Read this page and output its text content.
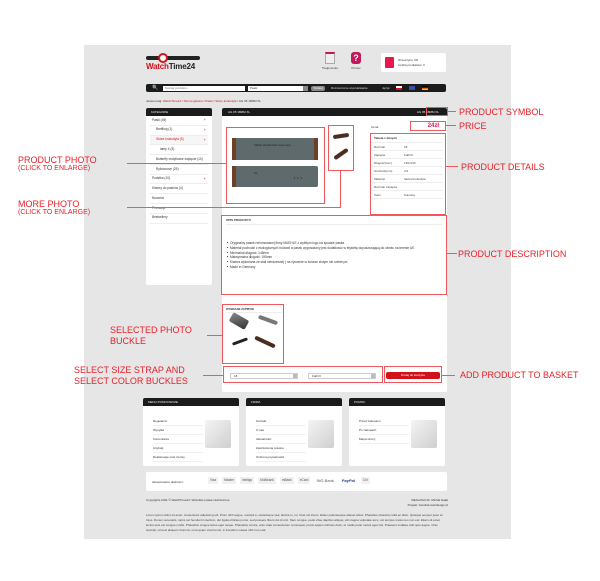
WatchTime24	Twoje konto
?
Pomoc
W koszyku: 0zł
Liczba produktów: 0
🔍
Nazwa produktu...	Paski	Szukaj	Rozszerzone wyszukiwanie	Język
Jesteś tutaj: WatchTime24 / Strona główna / Paski / Skóry krokodyla / AG 05 18MM XL
KATEGORIE
Paski (49)	+
Breitling (1)	+
Skóra krokodyla (5)	+
lamp 4 (3)
Butterfly motylkowe zapięcie (10)
Rybosnove (25)
Pudełka (10)	+
Klamry do pasków (4)
Nowości
Bestsellery
AG 05 18MM XL	AG 05 18MM XL
Mühle Handmade Germany
XL
•••
Cena:	24zł
Tabela z danymi
Rozmiar	18
Zapięcie	Faltl Fl
Długość(mm)	130x130
Grubość(mm)	3.5
Materiał	Skóra krokodyla
Rozmiar zapięcia
Kolor	brązowy
OPIS PRODUKTU
■ Oryginalny pasek renomowanej firmy MUEHLE z wybitym logo na spodzie paska
■ Materiał pochodzi z ekologicznych hodowli a pasek wyposażony jest dodatkowo w etykietę dopuszczającą do obrotu na terenie UE
■ Minimalna długość: 145mm
■ Maksymalna długość: 195mm
■ Klamra wykonana ze stali nierdzewnej ( na życzenie w kolorze złotym lub srebrnym
■ Made in Germany
WYBRANE ZAPIĘCIE
18	Faltl Fl	Dodaj do koszyka
MENU POMOCNICZE
Regulamin
Wysyłka
Komentarze
Artykuły
Reklamacje oraz zwroty
FIRMA
Kontakt
O nas
Aktualności
Zastrzeżenia prawne
Ochrona prywatności
POMOC
Przed zakupami
Po zakupach
Mapa strony
Akceptowane płatności:	Visa	Master	Inteligo	Multibank	mBank	eCard	ING Bank	PayPal	Citi
Copyrights 2011 © WatchTime24. Wszelkie prawa zastrzeżone.	REALIZACJA: Michał Gałat
Projekt: zwodnik-webdesign.pl
Lorem ipsum dolor sit amet, consectetur adipiscing elit. Proin nibh augue, suscipit a, scelerisque sed, lacinia in, mi. Cras vel lorem. Etiam pellentesque aliquet tellus. Phasellus pharetra nulla ac diam. Quisque semper justo at risus. Donec venenatis, turpis vel hendrerit interdum, dui ligula ultricies purus, sed posuere libero dui id orci. Nam congue, pede vitae dapibus aliquet, elit magna vulputate arcu, vel tempus metus leo non est. Etiam sit amet lectus quis est congue mollis. Phasellus congue lacus eget neque. Phasellus ornare, ante vitae consectetuer consequat, purus sapien ultricies dolor, et mollis pede metus eget nisi. Praesent sodales velit quis augue. Cras suscipit, urna at aliquam rhoncus, urna quam viverra nisi, in interdum massa nibh nec erat.
PRODUCT SYMBOL
PRICE
PRODUCT DETAILS
PRODUCT PHOTO
(CLICK TO ENLARGE)
MORE PHOTO
(CLICK TO ENLARGE)
PRODUCT DESCRIPTION
SELECTED PHOTO
BUCKLE
SELECT SIZE STRAP AND
SELECT COLOR BUCKLES
ADD PRODUCT TO BASKET
